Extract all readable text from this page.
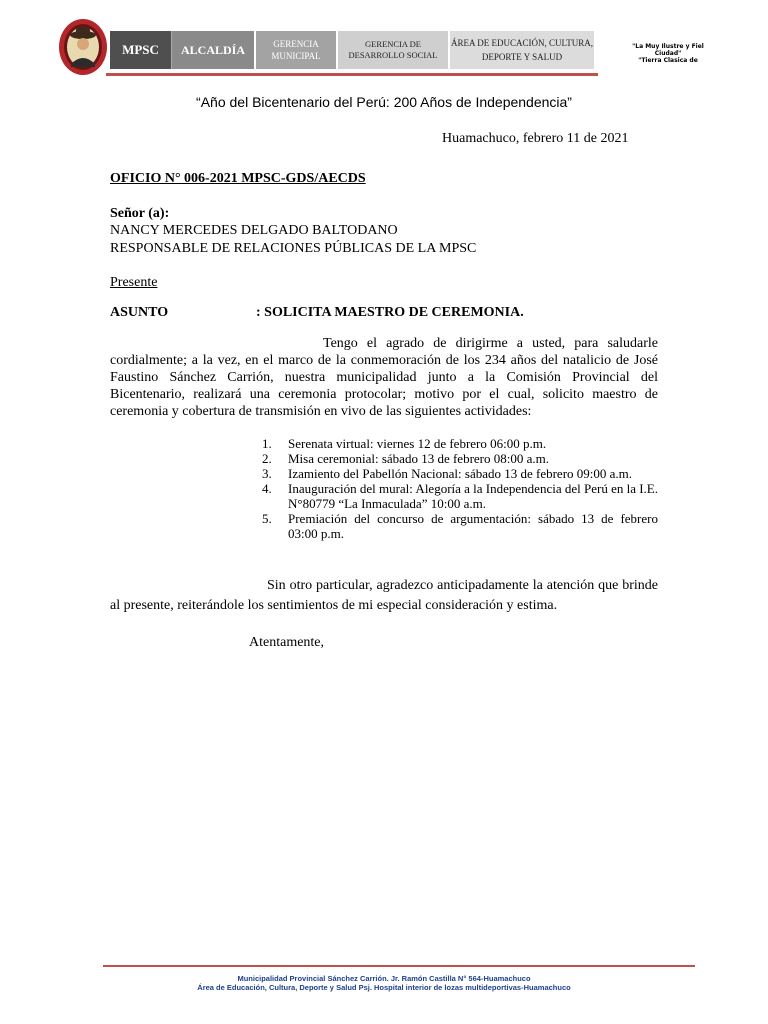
MPSC	ALCALDÍA	GERENCIA MUNICIPAL
GERENCIA DE DESARROLLO SOCIAL
ÁREA DE EDUCACIÓN, CULTURA, DEPORTE Y SALUD
"La Muy Ilustre y Fiel
Ciudad"
"Tierra Clasica de
“Año del Bicentenario del Perú: 200 Años de Independencia”
Huamachuco, febrero 11 de 2021
OFICIO N° 006-2021 MPSC-GDS/AECDS
Señor (a):
NANCY MERCEDES DELGADO BALTODANO
RESPONSABLE DE RELACIONES PÚBLICAS DE LA MPSC
Presente
ASUNTO	: SOLICITA MAESTRO DE CEREMONIA.
Tengo el agrado de dirigirme a usted, para saludarle cordialmente; a la vez, en el marco de la conmemoración de los 234 años del natalicio de José Faustino Sánchez Carrión, nuestra municipalidad junto a la Comisión Provincial del Bicentenario, realizará una ceremonia protocolar; motivo por el cual, solicito maestro de ceremonia y cobertura de transmisión en vivo de las siguientes actividades:
1.	Serenata virtual: viernes 12 de febrero 06:00 p.m.
2.	Misa ceremonial: sábado 13 de febrero 08:00 a.m.
3.	Izamiento del Pabellón Nacional: sábado 13 de febrero 09:00 a.m.
4.	Inauguración del mural: Alegoría a la Independencia del Perú en la I.E. N°80779 “La Inmaculada” 10:00 a.m.
5.	Premiación del concurso de argumentación: sábado 13 de febrero 03:00 p.m.
Sin otro particular, agradezco anticipadamente la atención que brinde al presente, reiterándole los sentimientos de mi especial consideración y estima.
Atentamente,
Municipalidad Provincial Sánchez Carrión. Jr. Ramón Castilla N° 564-Huamachuco
Área de Educación, Cultura, Deporte y Salud Psj. Hospital interior de lozas multideportivas-Huamachuco
